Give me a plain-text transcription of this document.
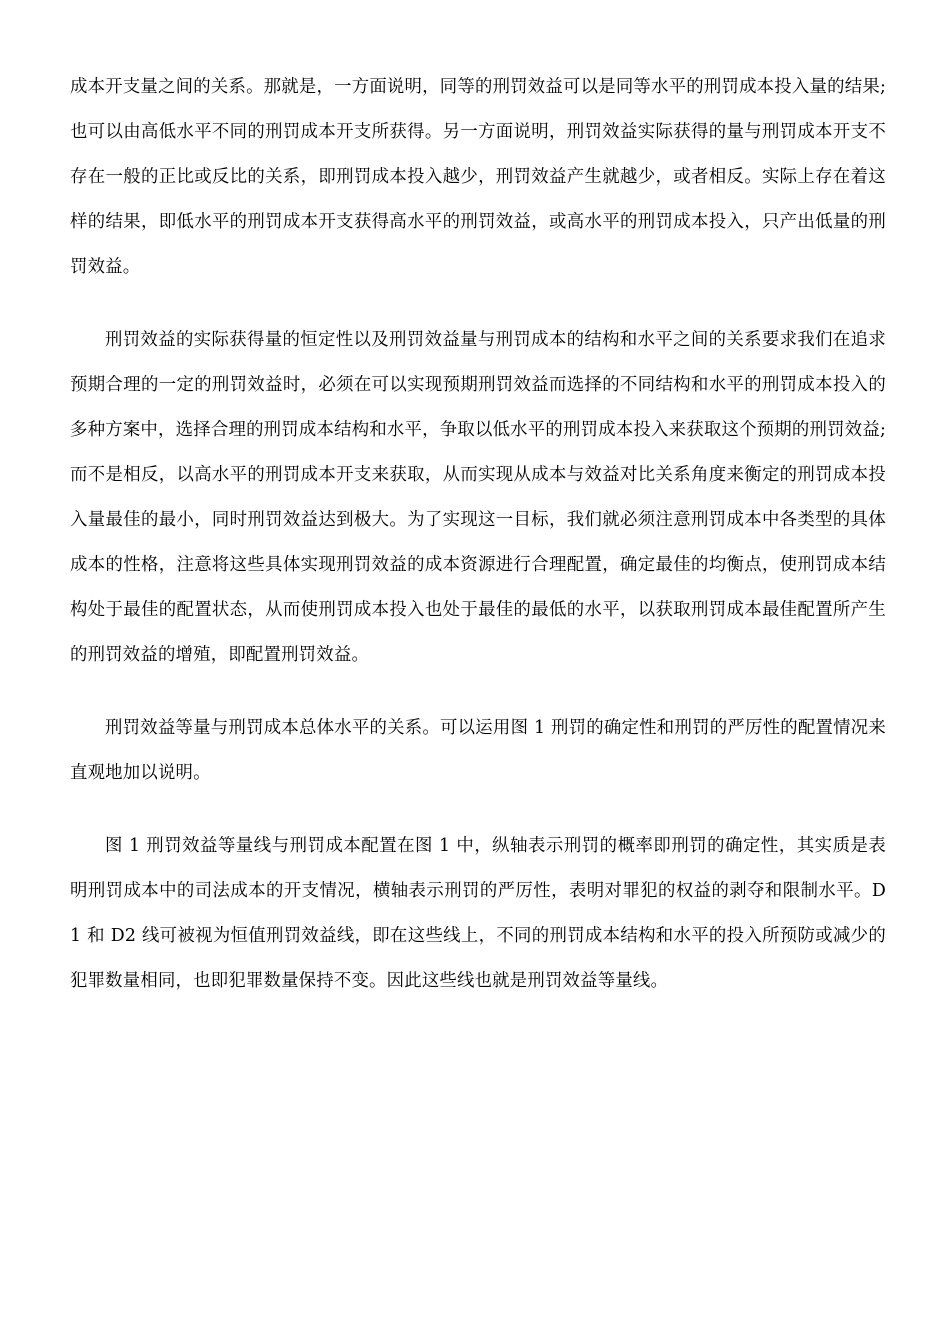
成本开支量之间的关系。那就是，一方面说明，同等的刑罚效益可以是同等水平的刑罚成本投入量的结果;也可以由高低水平不同的刑罚成本开支所获得。另一方面说明，刑罚效益实际获得的量与刑罚成本开支不存在一般的正比或反比的关系，即刑罚成本投入越少，刑罚效益产生就越少，或者相反。实际上存在着这样的结果，即低水平的刑罚成本开支获得高水平的刑罚效益，或高水平的刑罚成本投入，只产出低量的刑罚效益。

刑罚效益的实际获得量的恒定性以及刑罚效益量与刑罚成本的结构和水平之间的关系要求我们在追求预期合理的一定的刑罚效益时，必须在可以实现预期刑罚效益而选择的不同结构和水平的刑罚成本投入的多种方案中，选择合理的刑罚成本结构和水平，争取以低水平的刑罚成本投入来获取这个预期的刑罚效益;而不是相反，以高水平的刑罚成本开支来获取，从而实现从成本与效益对比关系角度来衡定的刑罚成本投入量最佳的最小，同时刑罚效益达到极大。为了实现这一目标，我们就必须注意刑罚成本中各类型的具体成本的性格，注意将这些具体实现刑罚效益的成本资源进行合理配置，确定最佳的均衡点，使刑罚成本结构处于最佳的配置状态，从而使刑罚成本投入也处于最佳的最低的水平，以获取刑罚成本最佳配置所产生的刑罚效益的增殖，即配置刑罚效益。

刑罚效益等量与刑罚成本总体水平的关系。可以运用图 1 刑罚的确定性和刑罚的严厉性的配置情况来直观地加以说明。

图 1 刑罚效益等量线与刑罚成本配置在图 1 中，纵轴表示刑罚的概率即刑罚的确定性，其实质是表明刑罚成本中的司法成本的开支情况，横轴表示刑罚的严厉性，表明对罪犯的权益的剥夺和限制水平。D1 和 D2 线可被视为恒值刑罚效益线，即在这些线上，不同的刑罚成本结构和水平的投入所预防或减少的犯罪数量相同，也即犯罪数量保持不变。因此这些线也就是刑罚效益等量线。
